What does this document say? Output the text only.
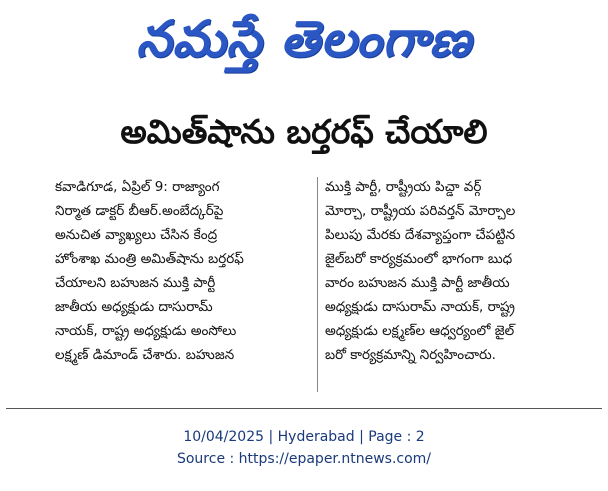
నమస్తే తెలంగాణ
అమిత్‌షాను బర్తరఫ్ చేయాలి

కవాడిగూడ, ఏప్రిల్ 9: రాజ్యాంగ

నిర్మాత డాక్టర్ బీఆర్.అంబేద్కర్‌పై

అనుచిత వ్యాఖ్యలు చేసిన కేంద్ర

హోంశాఖ మంత్రి అమిత్‌షాను బర్తరఫ్

చేయాలని బహుజన ముక్తి పార్టీ

జాతీయ అధ్యక్షుడు దాసురామ్

నాయక్, రాష్ట్ర అధ్యక్షుడు అంసోలు

లక్ష్మణ్ డిమాండ్ చేశారు. బహుజన

ముక్తి పార్టీ, రాష్ట్రీయ పిచ్డా వర్గ్

మోర్చా, రాష్ట్రీయ పరివర్తన్ మోర్చాల

పిలుపు మేరకు దేశవ్యాప్తంగా చేపట్టిన

జైల్‌బరో కార్యక్రమంలో భాగంగా బుధ

వారం బహుజన ముక్తి పార్టీ జాతీయ

అధ్యక్షుడు దాసురామ్ నాయక్, రాష్ట్ర

అధ్యక్షుడు లక్ష్మణ్‌ల ఆధ్వర్యంలో జైల్

బరో కార్యక్రమాన్ని నిర్వహించారు.

10/04/2025 | Hyderabad | Page : 2
Source : https://epaper.ntnews.com/
